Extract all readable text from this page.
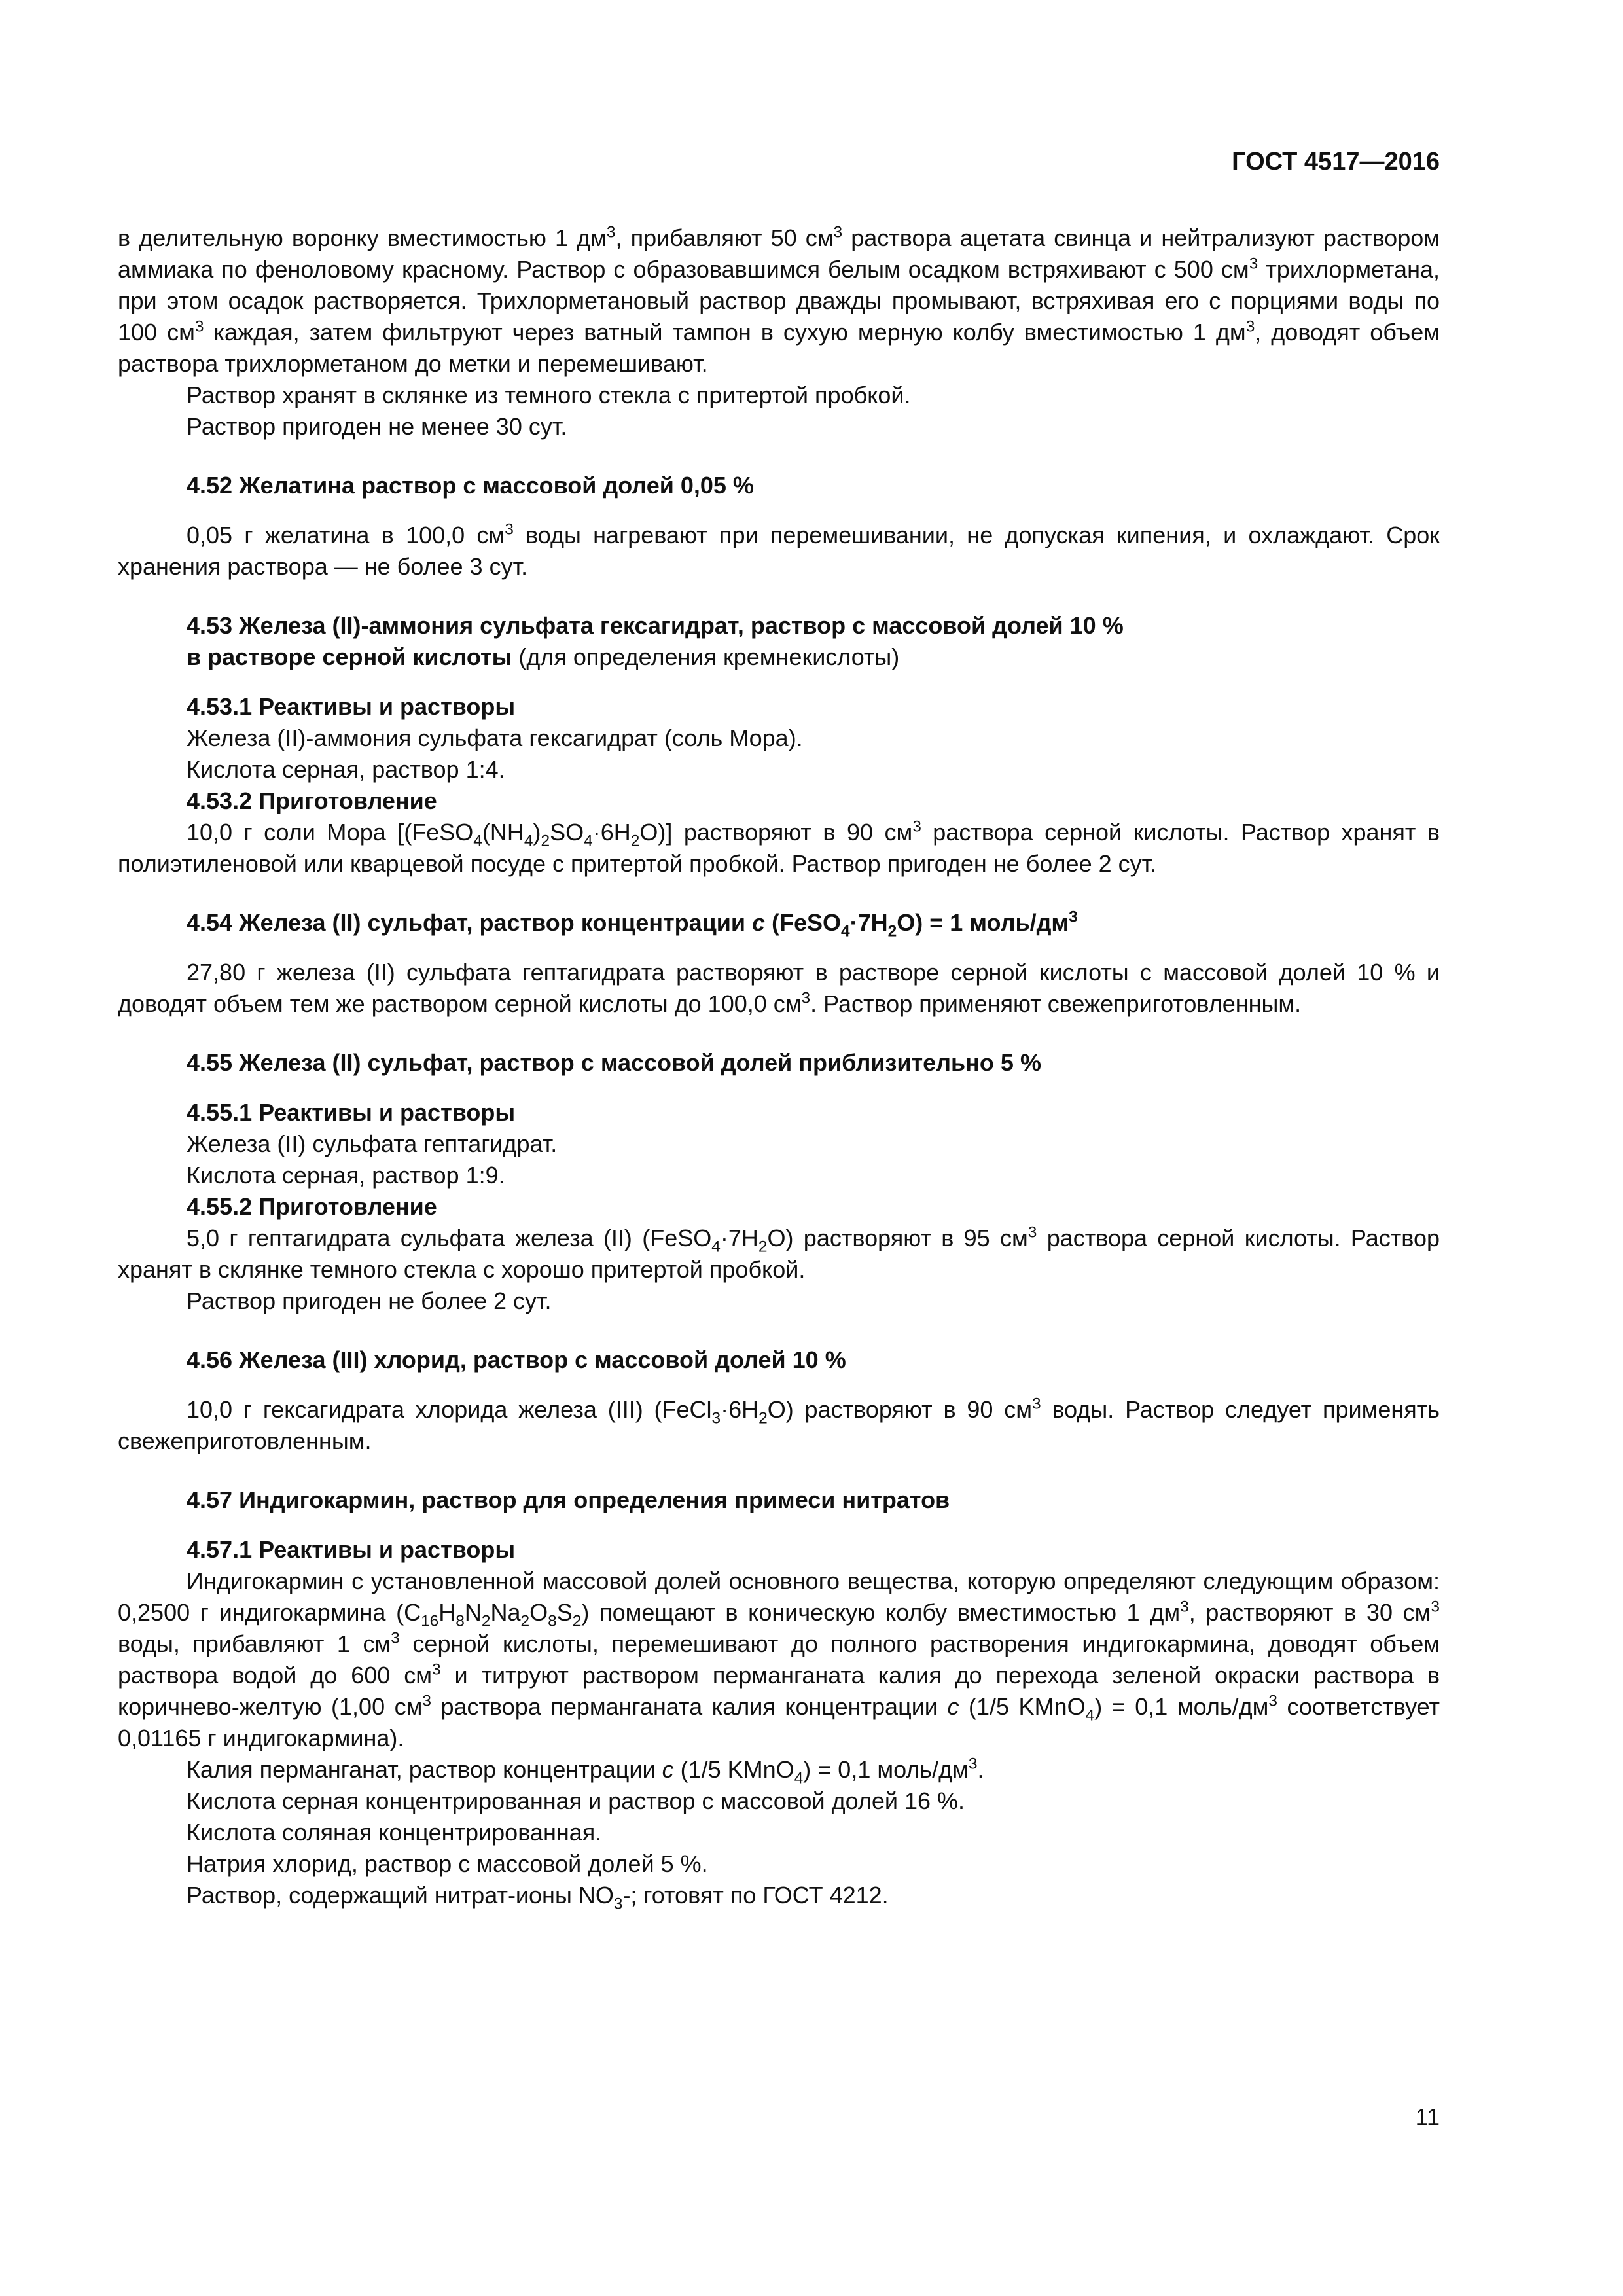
ГОСТ 4517—2016

в делительную воронку вместимостью 1 $дм^3$, прибавляют 50 $см^3$ раствора ацетата свинца и нейтрализуют раствором аммиака по феноловому красному. Раствор с образовавшимся белым осадком встряхивают с 500 $см^3$ трихлорметана, при этом осадок растворяется. Трихлорметановый раствор дважды промывают, встряхивая его с порциями воды по 100 $см^3$ каждая, затем фильтруют через ватный тампон в сухую мерную колбу вместимостью 1 $дм^3$, доводят объем раствора трихлорметаном до метки и перемешивают.

Раствор хранят в склянке из темного стекла с притертой пробкой.

Раствор пригоден не менее 30 сут.

4.52 Желатина раствор с массовой долей 0,05 %

0,05 г желатина в 100,0 $см^3$ воды нагревают при перемешивании, не допуская кипения, и охлаждают. Срок хранения раствора — не более 3 сут.

4.53 Железа (II)-аммония сульфата гексагидрат, раствор с массовой долей 10 %

в растворе серной кислоты (для определения кремнекислоты)

4.53.1 Реактивы и растворы

Железа (II)-аммония сульфата гексагидрат (соль Мора).

Кислота серная, раствор 1:4.

4.53.2 Приготовление

10,0 г соли Мора $[(FeSO_4(NH_4)_2SO_4\cdot 6H_2O)]$ растворяют в 90 $см^3$ раствора серной кислоты. Раствор хранят в полиэтиленовой или кварцевой посуде с притертой пробкой. Раствор пригоден не более 2 сут.

4.54 Железа (II) сульфат, раствор концентрации c $(FeSO_4\cdot 7H_2O) = 1$ моль/$дм^3$

27,80 г железа (II) сульфата гептагидрата растворяют в растворе серной кислоты с массовой долей 10 % и доводят объем тем же раствором серной кислоты до 100,0 $см^3$. Раствор применяют свежеприготовленным.

4.55 Железа (II) сульфат, раствор с массовой долей приблизительно 5 %

4.55.1 Реактивы и растворы

Железа (II) сульфата гептагидрат.

Кислота серная, раствор 1:9.

4.55.2 Приготовление

5,0 г гептагидрата сульфата железа (II) $(FeSO_4\cdot 7H_2O)$ растворяют в 95 $см^3$ раствора серной кислоты. Раствор хранят в склянке темного стекла с хорошо притертой пробкой.

Раствор пригоден не более 2 сут.

4.56 Железа (III) хлорид, раствор с массовой долей 10 %

10,0 г гексагидрата хлорида железа (III) $(FeCl_3\cdot 6H_2O)$ растворяют в 90 $см^3$ воды. Раствор следует применять свежеприготовленным.

4.57 Индигокармин, раствор для определения примеси нитратов

4.57.1 Реактивы и растворы

Индигокармин с установленной массовой долей основного вещества, которую определяют следующим образом: 0,2500 г индигокармина $(C_{16}H_8N_2Na_2O_8S_2)$ помещают в коническую колбу вместимостью 1 $дм^3$, растворяют в 30 $см^3$ воды, прибавляют 1 $см^3$ серной кислоты, перемешивают до полного растворения индигокармина, доводят объем раствора водой до 600 $см^3$ и титруют раствором перманганата калия до перехода зеленой окраски раствора в коричнево-желтую (1,00 $см^3$ раствора перманганата калия концентрации c (1/5 KMnO$_4$) = 0,1 моль/$дм^3$ соответствует 0,01165 г индигокармина).

Калия перманганат, раствор концентрации c (1/5 KMnO$_4$) = 0,1 моль/$дм^3$.

Кислота серная концентрированная и раствор с массовой долей 16 %.

Кислота соляная концентрированная.

Натрия хлорид, раствор с массовой долей 5 %.

Раствор, содержащий нитрат-ионы $NO_3-$; готовят по ГОСТ 4212.

11
